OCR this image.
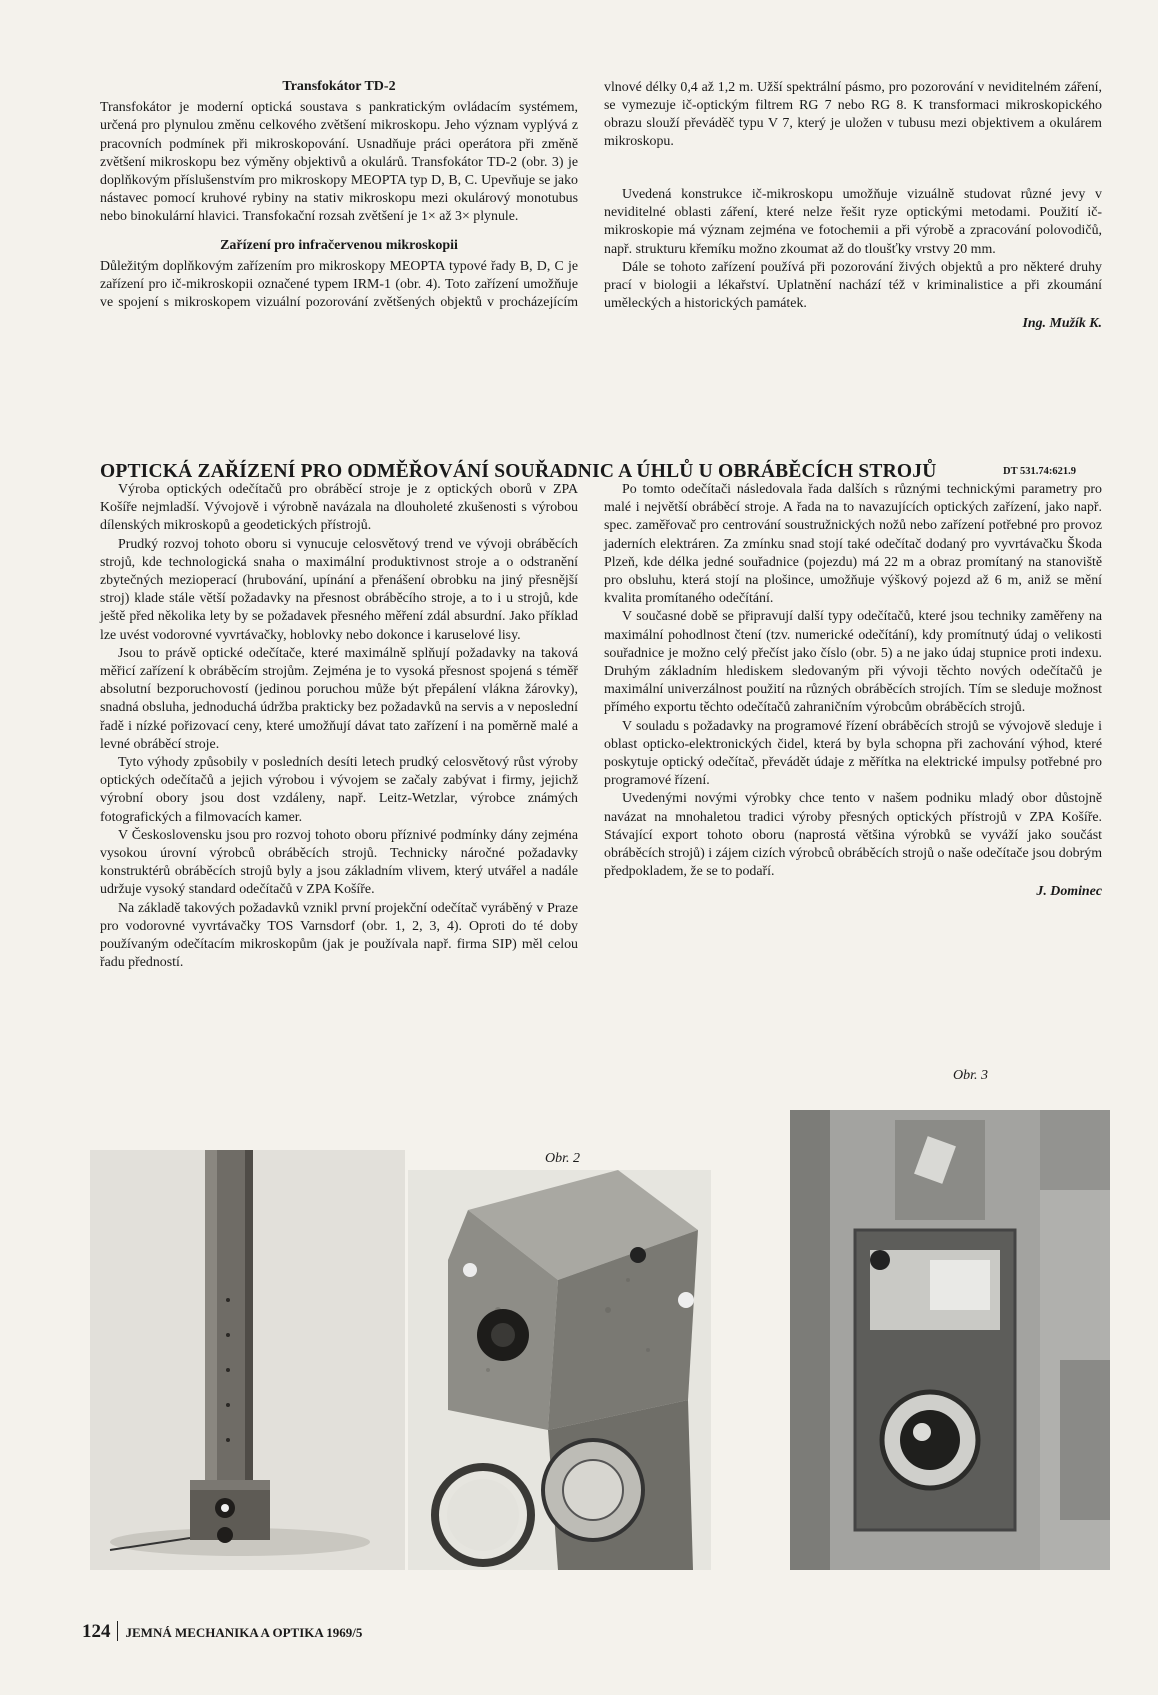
Transfokátor TD-2

Transfokátor je moderní optická soustava s pankratickým ovládacím systémem, určená pro plynulou změnu celkového zvětšení mikroskopu. Jeho význam vyplývá z pracovních podmínek při mikroskopování. Usnadňuje práci operátora při změně zvětšení mikroskopu bez výměny objektivů a okulárů. Transfokátor TD-2 (obr. 3) je doplňkovým příslušenstvím pro mikroskopy MEOPTA typ D, B, C. Upevňuje se jako nástavec pomocí kruhové rybiny na stativ mikroskopu mezi okulárový monotubus nebo binokulární hlavici. Transfokační rozsah zvětšení je 1× až 3× plynule.

Zařízení pro infračervenou mikroskopii

Důležitým doplňkovým zařízením pro mikroskopy MEOPTA typové řady B, D, C je zařízení pro ič-mikroskopii označené typem IRM-1 (obr. 4). Toto zařízení umožňuje ve spojení s mikroskopem vizuální pozorování zvětšených objektů v procházejícím

vlnové délky 0,4 až 1,2 m. Užší spektrální pásmo, pro pozorování v neviditelném záření, se vymezuje ič-optickým filtrem RG 7 nebo RG 8. K transformaci mikroskopického obrazu slouží převáděč typu V 7, který je uložen v tubusu mezi objektivem a okulárem mikroskopu.

Uvedená konstrukce ič-mikroskopu umožňuje vizuálně studovat různé jevy v neviditelné oblasti záření, které nelze řešit ryze optickými metodami. Použití ič-mikroskopie má význam zejména ve fotochemii a při výrobě a zpracování polovodičů, např. strukturu křemíku možno zkoumat až do tloušťky vrstvy 20 mm.

Dále se tohoto zařízení používá při pozorování živých objektů a pro některé druhy prací v biologii a lékařství. Uplatnění nachází též v kriminalistice a při zkoumání uměleckých a historických památek.

Ing. Mužík K.

OPTICKÁ ZAŘÍZENÍ PRO ODMĚŘOVÁNÍ SOUŘADNIC A ÚHLŮ U OBRÁBĚCÍCH STROJŮ	DT 531.74:621.9

Výroba optických odečítačů pro obráběcí stroje je z optických oborů v ZPA Košíře nejmladší. Vývojově i výrobně navázala na dlouholeté zkušenosti s výrobou dílenských mikroskopů a geodetických přístrojů.

Prudký rozvoj tohoto oboru si vynucuje celosvětový trend ve vývoji obráběcích strojů, kde technologická snaha o maximální produktivnost stroje a o odstranění zbytečných mezioperací (hrubování, upínání a přenášení obrobku na jiný přesnější stroj) klade stále větší požadavky na přesnost obráběcího stroje, a to i u strojů, kde ještě před několika lety by se požadavek přesného měření zdál absurdní. Jako příklad lze uvést vodorovné vyvrtávačky, hoblovky nebo dokonce i karuselové lisy.

Jsou to právě optické odečítače, které maximálně splňují požadavky na taková měřicí zařízení k obráběcím strojům. Zejména je to vysoká přesnost spojená s téměř absolutní bezporuchovostí (jedinou poruchou může být přepálení vlákna žárovky), snadná obsluha, jednoduchá údržba prakticky bez požadavků na servis a v neposlední řadě i nízké pořizovací ceny, které umožňují dávat tato zařízení i na poměrně malé a levné obráběcí stroje.

Tyto výhody způsobily v posledních desíti letech prudký celosvětový růst výroby optických odečítačů a jejich výrobou i vývojem se začaly zabývat i firmy, jejichž výrobní obory jsou dost vzdáleny, např. Leitz-Wetzlar, výrobce známých fotografických a filmovacích kamer.

V Československu jsou pro rozvoj tohoto oboru příznivé podmínky dány zejména vysokou úrovní výrobců obráběcích strojů. Technicky náročné požadavky konstruktérů obráběcích strojů byly a jsou základním vlivem, který utvářel a nadále udržuje vysoký standard odečítačů v ZPA Košíře.

Na základě takových požadavků vznikl první projekční odečítač vyráběný v Praze pro vodorovné vyvrtávačky TOS Varnsdorf (obr. 1, 2, 3, 4). Oproti do té doby používaným odečítacím mikroskopům (jak je používala např. firma SIP) měl celou řadu předností.

Po tomto odečítači následovala řada dalších s různými technickými parametry pro malé i největší obráběcí stroje. A řada na to navazujících optických zařízení, jako např. spec. zaměřovač pro centrování soustružnických nožů nebo zařízení potřebné pro provoz jaderních elektráren. Za zmínku snad stojí také odečítač dodaný pro vyvrtávačku Škoda Plzeň, kde délka jedné souřadnice (pojezdu) má 22 m a obraz promítaný na stanoviště pro obsluhu, která stojí na plošince, umožňuje výškový pojezd až 6 m, aniž se mění kvalita promítaného odečítání.

V současné době se připravují další typy odečítačů, které jsou techniky zaměřeny na maximální pohodlnost čtení (tzv. numerické odečítání), kdy promítnutý údaj o velikosti souřadnice je možno celý přečíst jako číslo (obr. 5) a ne jako údaj stupnice proti indexu. Druhým základním hlediskem sledovaným při vývoji těchto nových odečítačů je maximální univerzálnost použití na různých obráběcích strojích. Tím se sleduje možnost přímého exportu těchto odečítačů zahraničním výrobcům obráběcích strojů.

V souladu s požadavky na programové řízení obráběcích strojů se vývojově sleduje i oblast opticko-elektronických čidel, která by byla schopna při zachování výhod, které poskytuje optický odečítač, převádět údaje z měřítka na elektrické impulsy potřebné pro programové řízení.

Uvedenými novými výrobky chce tento v našem podniku mladý obor důstojně navázat na mnohaletou tradici výroby přesných optických přístrojů v ZPA Košíře. Stávající export tohoto oboru (naprostá většina výrobků se vyváží jako součást obráběcích strojů) i zájem cizích výrobců obráběcích strojů o naše odečítače jsou dobrým předpokladem, že se to podaří.

J. Dominec

Obr. 2
Obr. 3
124 JEMNÁ MECHANIKA A OPTIKA 1969/5
